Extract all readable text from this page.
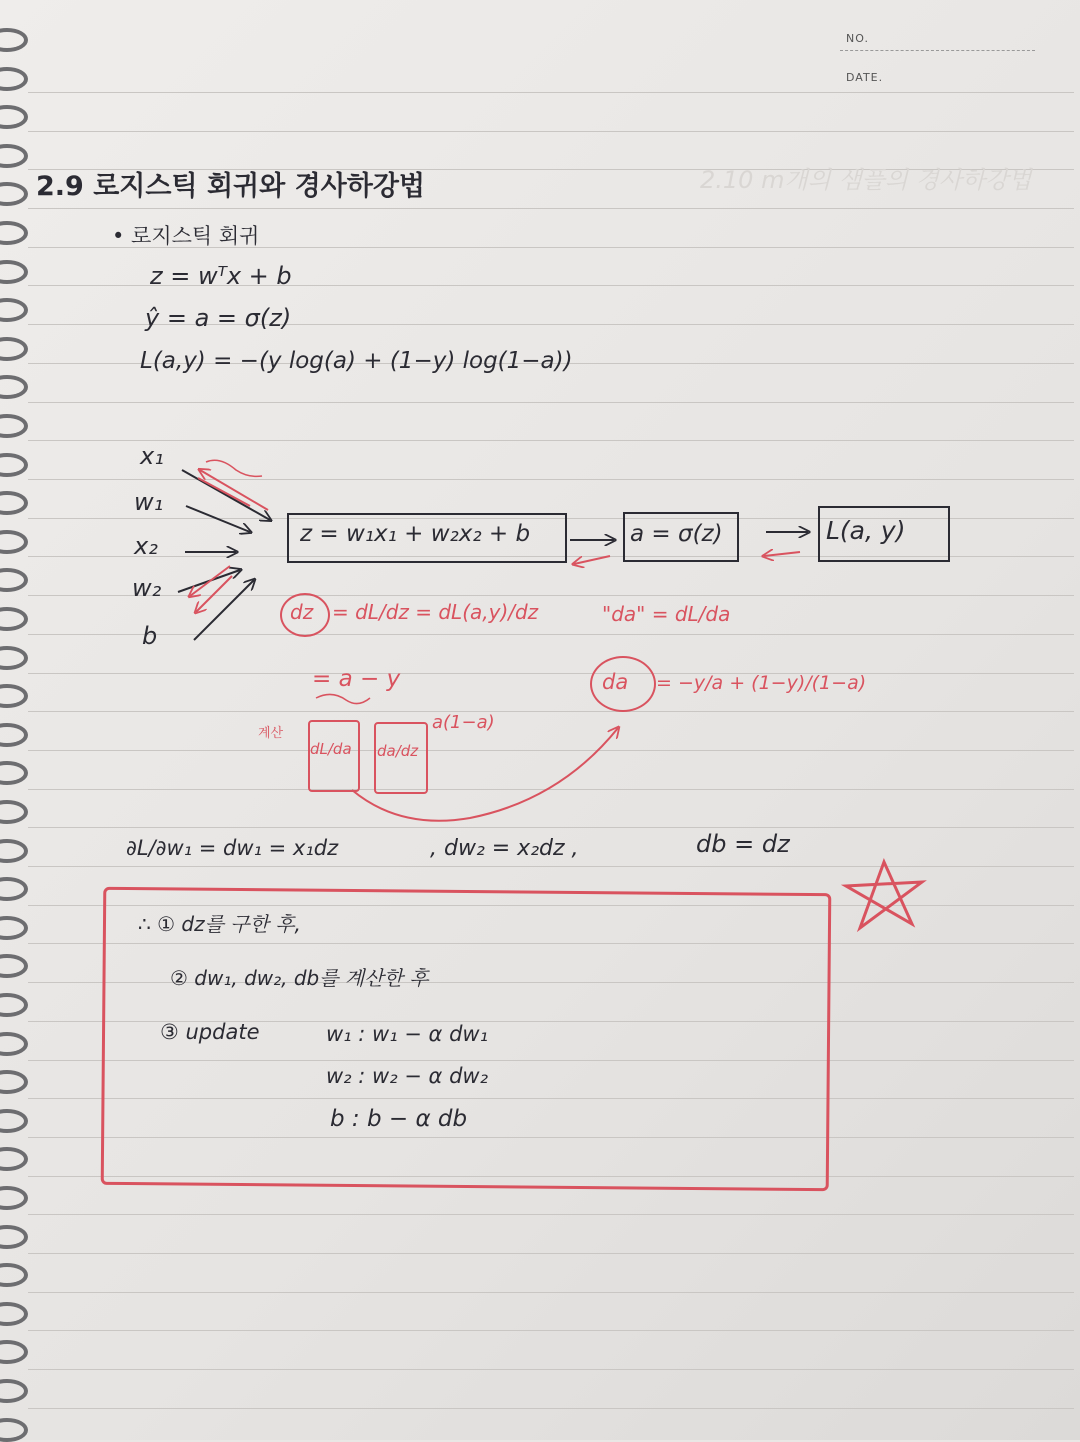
NO.
DATE.
2.10 m개의 샘플의 경사하강법
2.9 로지스틱 회귀와 경사하강법
• 로지스틱 회귀
z = wᵀx + b
ŷ = a = σ(z)
L(a,y) = −(y log(a) + (1−y) log(1−a))
x₁
w₁
x₂
w₂
b
z = w₁x₁ + w₂x₂ + b	a = σ(z)	L(a, y)
dz = dL/dz = dL(a,y)/dz
= a − y
계산
dL/da da/dz
a(1−a)
"da" = dL/da
da = −y/a + (1−y)/(1−a)
∂L/∂w₁ = dw₁ = x₁dz	, dw₂ = x₂dz ,	db = dz
∴ ① dz를 구한 후,
② dw₁, dw₂, db를 계산한 후
③ update	w₁ : w₁ − α dw₁
w₂ : w₂ − α dw₂
b : b − α db
